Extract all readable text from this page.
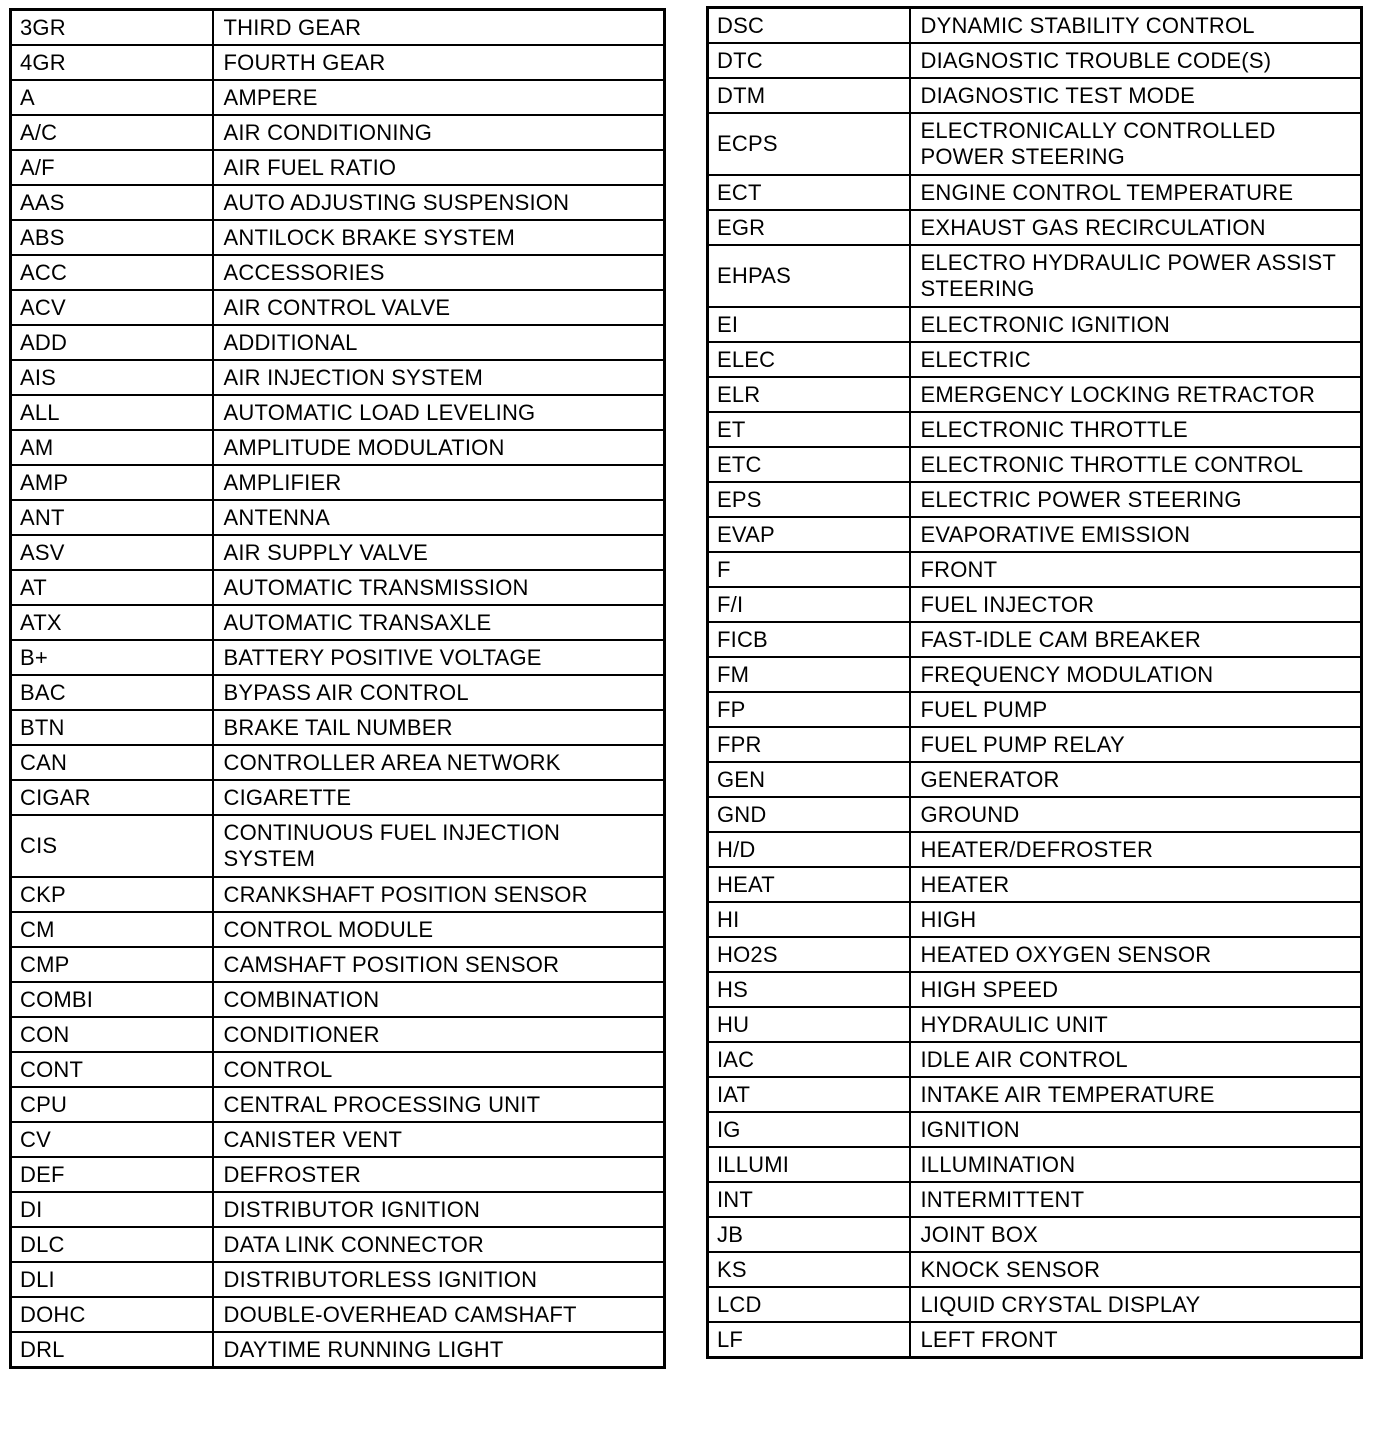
3GR	THIRD GEAR
4GR	FOURTH GEAR
A	AMPERE
A/C	AIR CONDITIONING
A/F	AIR FUEL RATIO
AAS	AUTO ADJUSTING SUSPENSION
ABS	ANTILOCK BRAKE SYSTEM
ACC	ACCESSORIES
ACV	AIR CONTROL VALVE
ADD	ADDITIONAL
AIS	AIR INJECTION SYSTEM
ALL	AUTOMATIC LOAD LEVELING
AM	AMPLITUDE MODULATION
AMP	AMPLIFIER
ANT	ANTENNA
ASV	AIR SUPPLY VALVE
AT	AUTOMATIC TRANSMISSION
ATX	AUTOMATIC TRANSAXLE
B+	BATTERY POSITIVE VOLTAGE
BAC	BYPASS AIR CONTROL
BTN	BRAKE TAIL NUMBER
CAN	CONTROLLER AREA NETWORK
CIGAR	CIGARETTE
CIS	CONTINUOUS FUEL INJECTION SYSTEM
CKP	CRANKSHAFT POSITION SENSOR
CM	CONTROL MODULE
CMP	CAMSHAFT POSITION SENSOR
COMBI	COMBINATION
CON	CONDITIONER
CONT	CONTROL
CPU	CENTRAL PROCESSING UNIT
CV	CANISTER VENT
DEF	DEFROSTER
DI	DISTRIBUTOR IGNITION
DLC	DATA LINK CONNECTOR
DLI	DISTRIBUTORLESS IGNITION
DOHC	DOUBLE-OVERHEAD CAMSHAFT
DRL	DAYTIME RUNNING LIGHT
DSC	DYNAMIC STABILITY CONTROL
DTC	DIAGNOSTIC TROUBLE CODE(S)
DTM	DIAGNOSTIC TEST MODE
ECPS	ELECTRONICALLY CONTROLLED POWER STEERING
ECT	ENGINE CONTROL TEMPERATURE
EGR	EXHAUST GAS RECIRCULATION
EHPAS	ELECTRO HYDRAULIC POWER ASSIST STEERING
EI	ELECTRONIC IGNITION
ELEC	ELECTRIC
ELR	EMERGENCY LOCKING RETRACTOR
ET	ELECTRONIC THROTTLE
ETC	ELECTRONIC THROTTLE CONTROL
EPS	ELECTRIC POWER STEERING
EVAP	EVAPORATIVE EMISSION
F	FRONT
F/I	FUEL INJECTOR
FICB	FAST-IDLE CAM BREAKER
FM	FREQUENCY MODULATION
FP	FUEL PUMP
FPR	FUEL PUMP RELAY
GEN	GENERATOR
GND	GROUND
H/D	HEATER/DEFROSTER
HEAT	HEATER
HI	HIGH
HO2S	HEATED OXYGEN SENSOR
HS	HIGH SPEED
HU	HYDRAULIC UNIT
IAC	IDLE AIR CONTROL
IAT	INTAKE AIR TEMPERATURE
IG	IGNITION
ILLUMI	ILLUMINATION
INT	INTERMITTENT
JB	JOINT BOX
KS	KNOCK SENSOR
LCD	LIQUID CRYSTAL DISPLAY
LF	LEFT FRONT
